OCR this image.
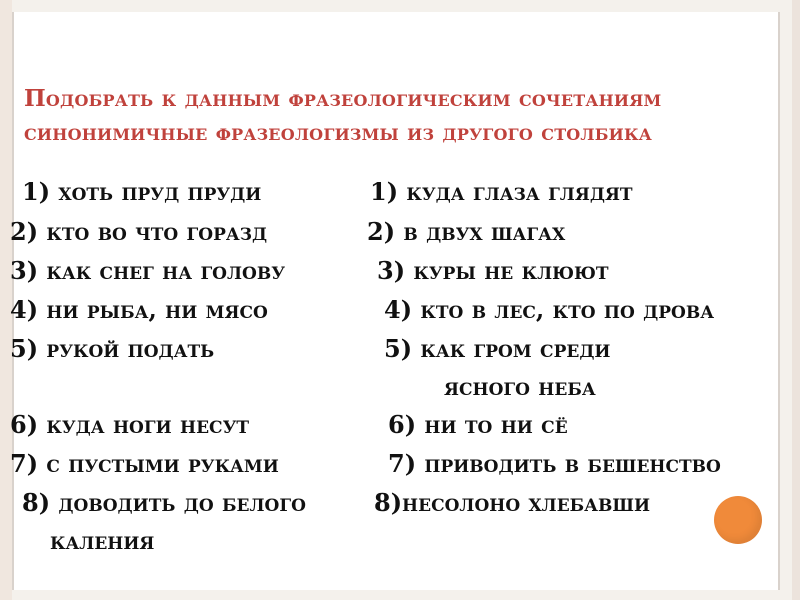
Подобрать к данным фразеологическим сочетаниям
синонимичные фразеологизмы из другого столбика
1) хоть пруд пруди
2) кто во что горазд
3) как снег на голову
4) ни рыба, ни мясо
5) рукой подать
6) куда ноги несут
7) с пустыми руками
8) доводить до белого
каления
1) куда глаза глядят
2) в двух шагах
3) куры не клюют
4) кто в лес, кто по дрова
5) как гром среди
ясного неба
6) ни то ни сё
7) приводить в бешенство
8)несолоно хлебавши
